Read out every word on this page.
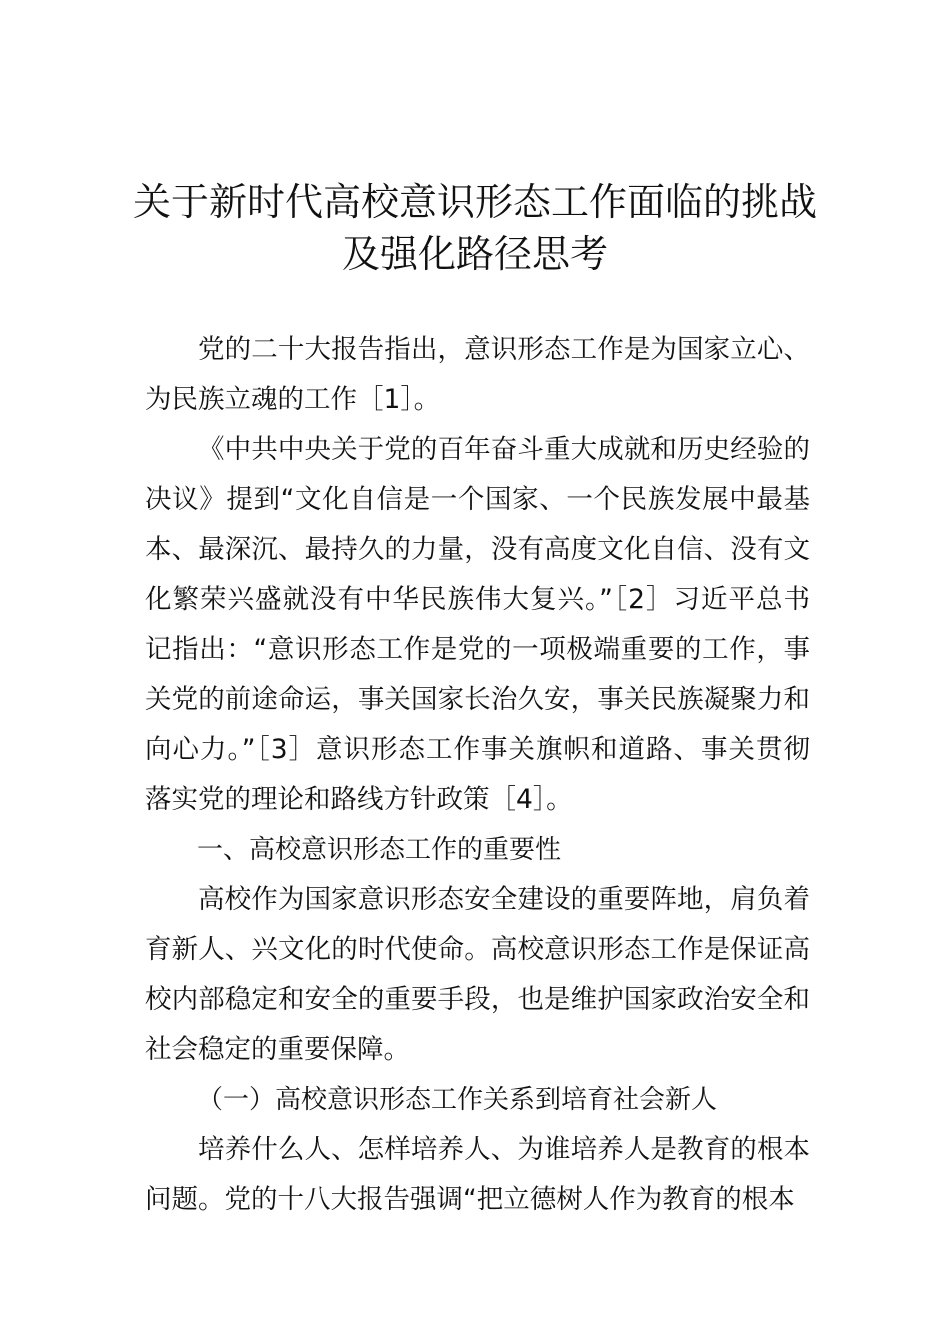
关于新时代高校意识形态工作面临的挑战
及强化路径思考

党的二十大报告指出，意识形态工作是为国家立心、为民族立魂的工作［1］。

《中共中央关于党的百年奋斗重大成就和历史经验的决议》提到“文化自信是一个国家、一个民族发展中最基本、最深沉、最持久的力量，没有高度文化自信、没有文化繁荣兴盛就没有中华民族伟大复兴。”［2］习近平总书记指出：“意识形态工作是党的一项极端重要的工作，事关党的前途命运，事关国家长治久安，事关民族凝聚力和向心力。”［3］意识形态工作事关旗帜和道路、事关贯彻落实党的理论和路线方针政策［4］。

一、高校意识形态工作的重要性

高校作为国家意识形态安全建设的重要阵地，肩负着育新人、兴文化的时代使命。高校意识形态工作是保证高校内部稳定和安全的重要手段，也是维护国家政治安全和社会稳定的重要保障。

（一）高校意识形态工作关系到培育社会新人

培养什么人、怎样培养人、为谁培养人是教育的根本问题。党的十八大报告强调“把立德树人作为教育的根本
